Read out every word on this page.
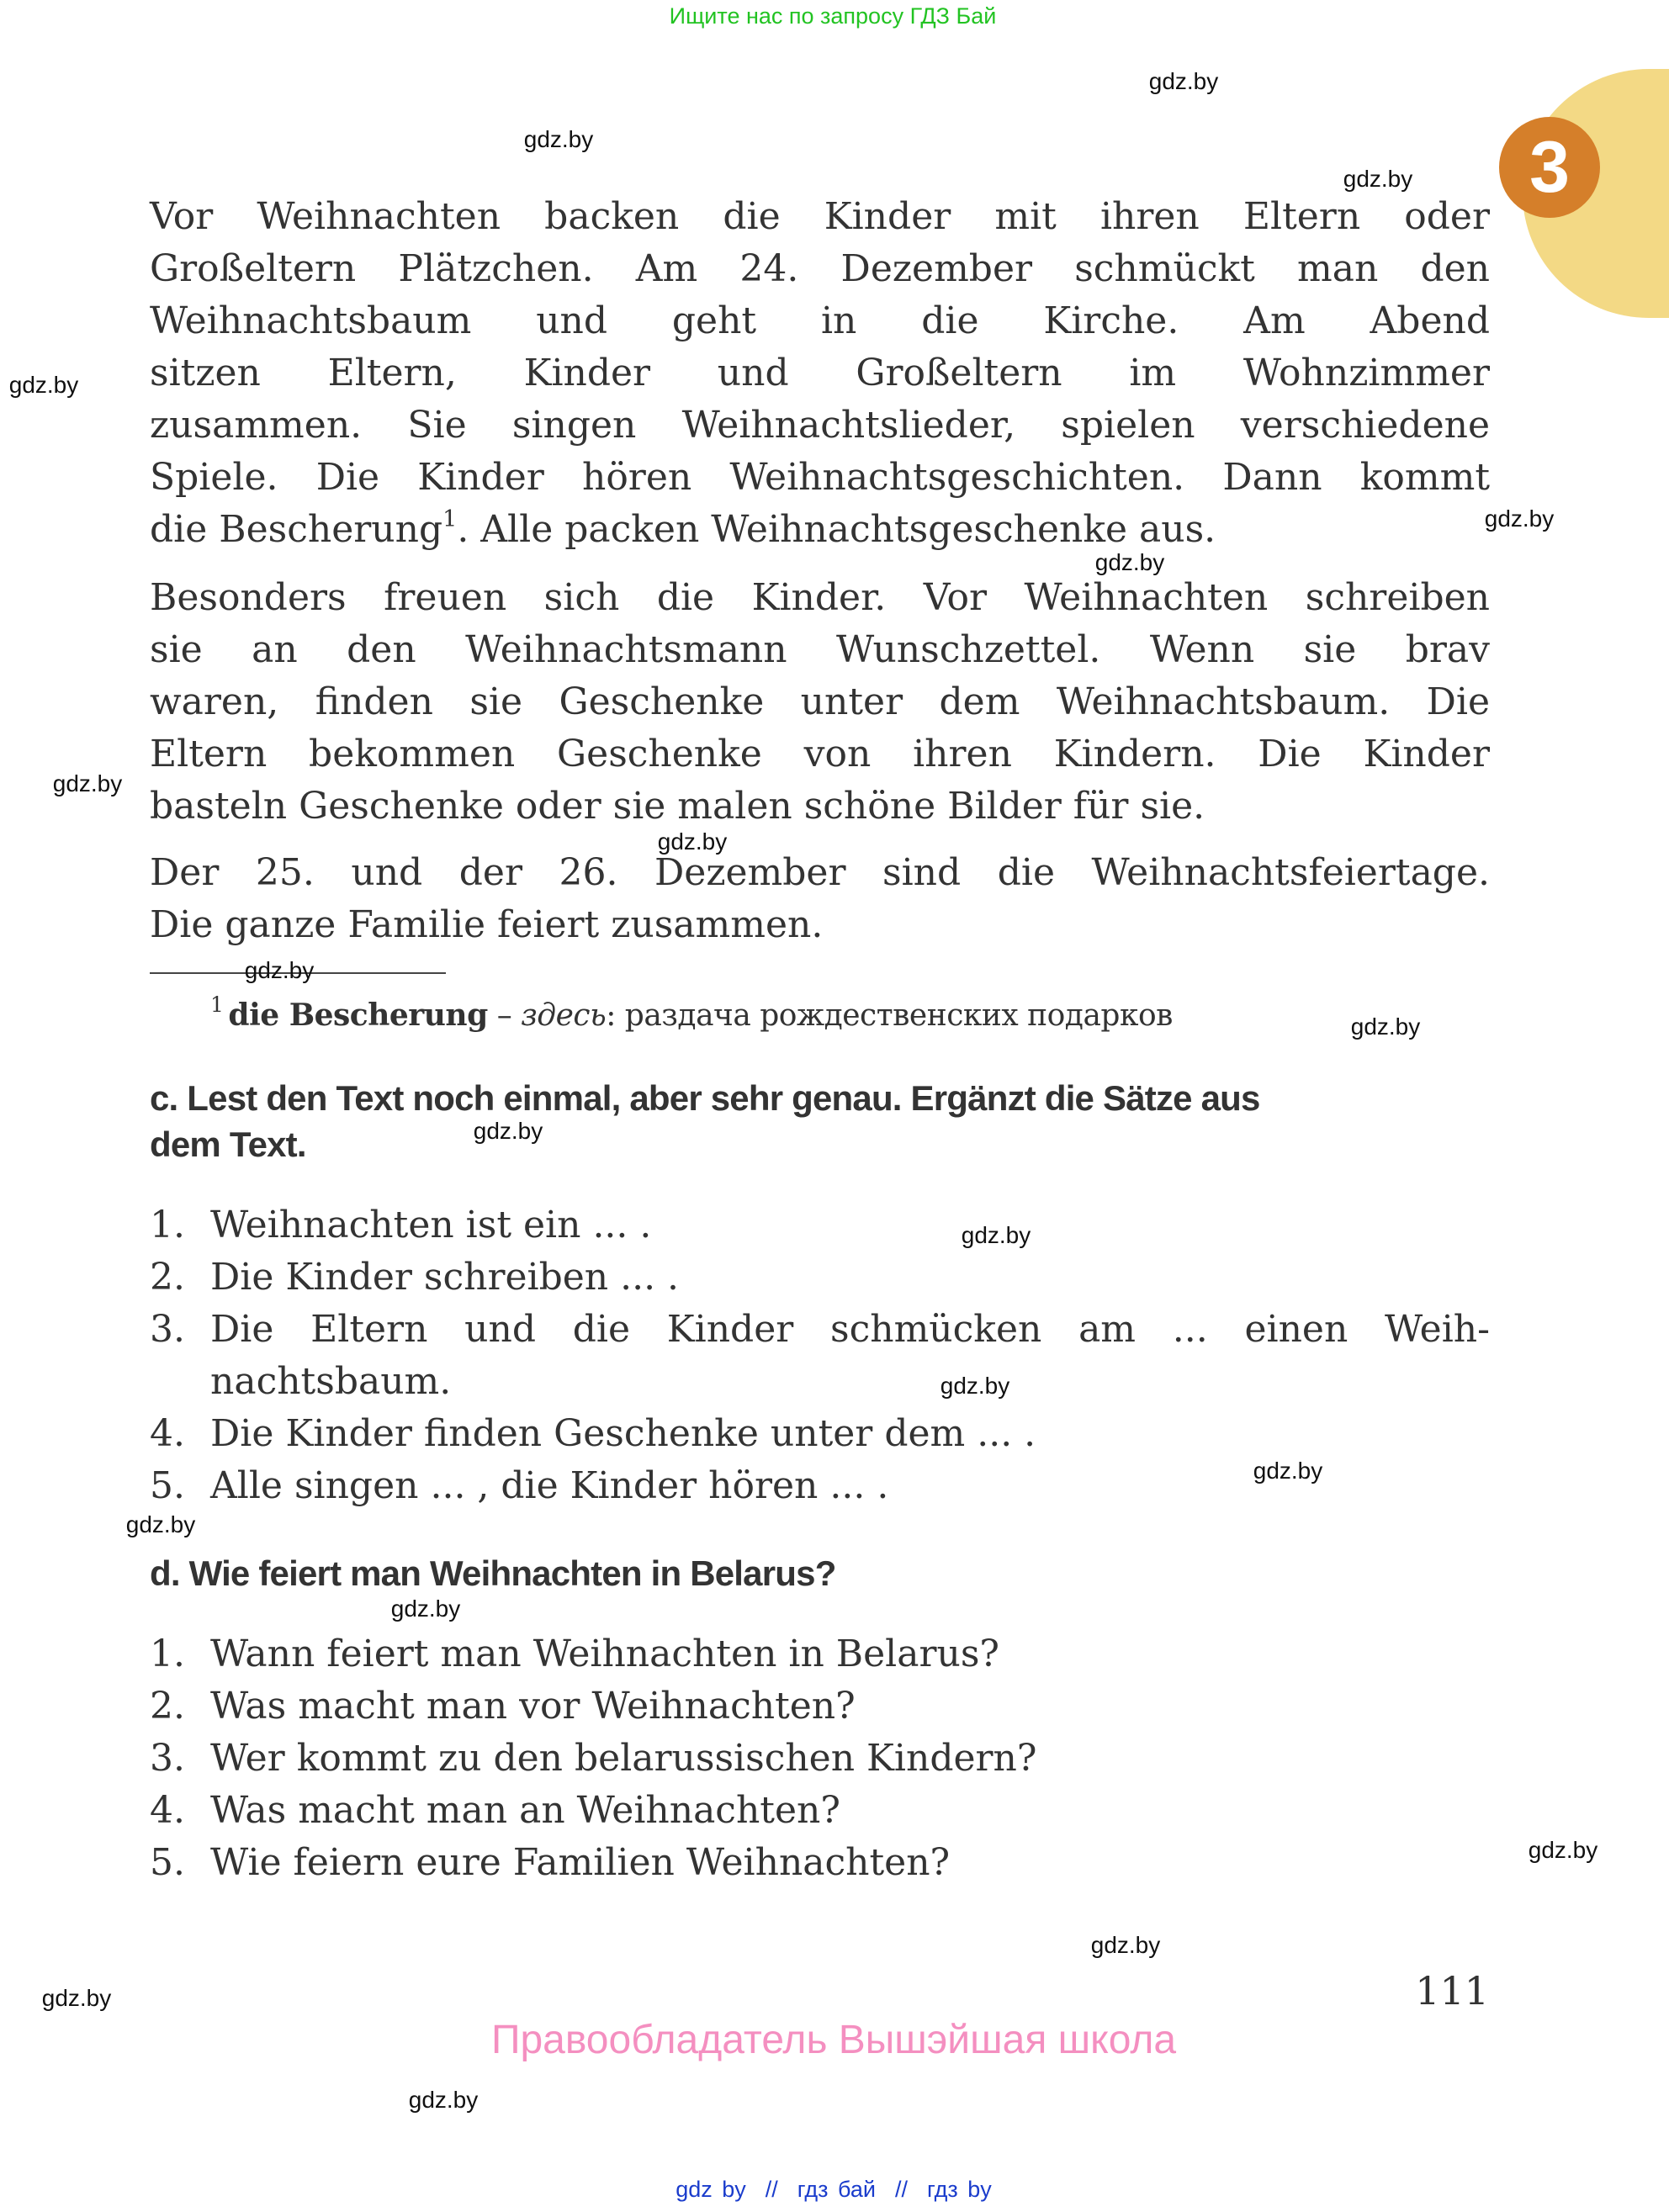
Ищите нас по запросу ГДЗ Бай
3
Vor Weihnachten backen die Kinder mit ihren Eltern oder
Großeltern Plätzchen. Am 24. Dezember schmückt man den
Weihnachtsbaum und geht in die Kirche. Am Abend
sitzen Eltern, Kinder und Großeltern im Wohnzimmer
zusammen. Sie singen Weihnachtslieder, spielen verschiedene
Spiele. Die Kinder hören Weihnachtsgeschichten. Dann kommt
die Bescherung$^1$. Alle packen Weihnachtsgeschenke aus.
Besonders freuen sich die Kinder. Vor Weihnachten schreiben
sie an den Weihnachtsmann Wunschzettel. Wenn sie brav
waren, finden sie Geschenke unter dem Weihnachtsbaum. Die
Eltern bekommen Geschenke von ihren Kindern. Die Kinder
basteln Geschenke oder sie malen schöne Bilder für sie.
Der 25. und der 26. Dezember sind die Weihnachtsfeiertage.
Die ganze Familie feiert zusammen.
$^1$ die Bescherung – здесь: раздача рождественских подарков
c. Lest den Text noch einmal, aber sehr genau. Ergänzt die Sätze aus
dem Text.
1. Weihnachten ist ein ... .
2. Die Kinder schreiben ... .
3. Die Eltern und die Kinder schmücken am ... einen Weih-
nachtsbaum.
4. Die Kinder finden Geschenke unter dem ... .
5. Alle singen ... , die Kinder hören ... .
d. Wie feiert man Weihnachten in Belarus?
1. Wann feiert man Weihnachten in Belarus?
2. Was macht man vor Weihnachten?
3. Wer kommt zu den belarussischen Kindern?
4. Was macht man an Weihnachten?
5. Wie feiern eure Familien Weihnachten?
gdz.by
gdz.by
gdz.by
gdz.by
gdz.by
gdz.by
gdz.by
gdz.by
gdz.by
gdz.by
gdz.by
gdz.by
gdz.by
gdz.by
gdz.by
gdz.by
gdz.by
gdz.by
gdz.by
gdz.by
111
Правообладатель Вышэйшая школа
gdz by  //  гдз бай  //  гдз by
